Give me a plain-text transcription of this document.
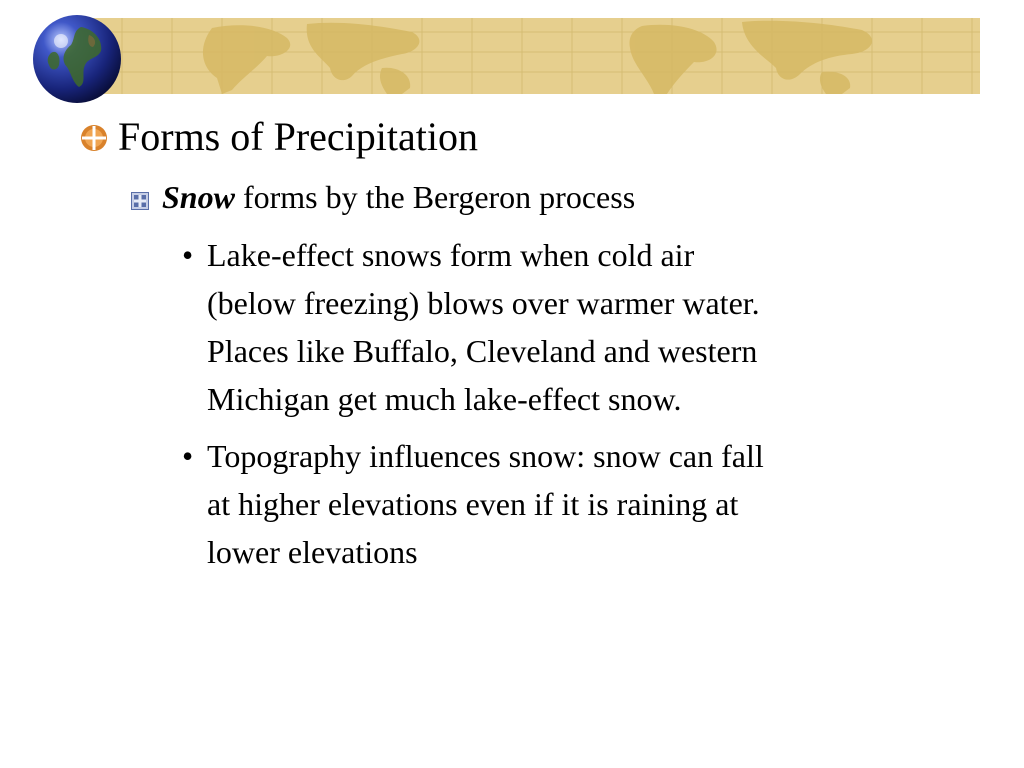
Forms of Precipitation
Snow forms by the Bergeron process
• Lake-effect snows form when cold air
(below freezing) blows over warmer water.
Places like Buffalo, Cleveland and western
Michigan get much lake-effect snow.
• Topography influences snow: snow can fall
at higher elevations even if it is raining at
lower elevations
